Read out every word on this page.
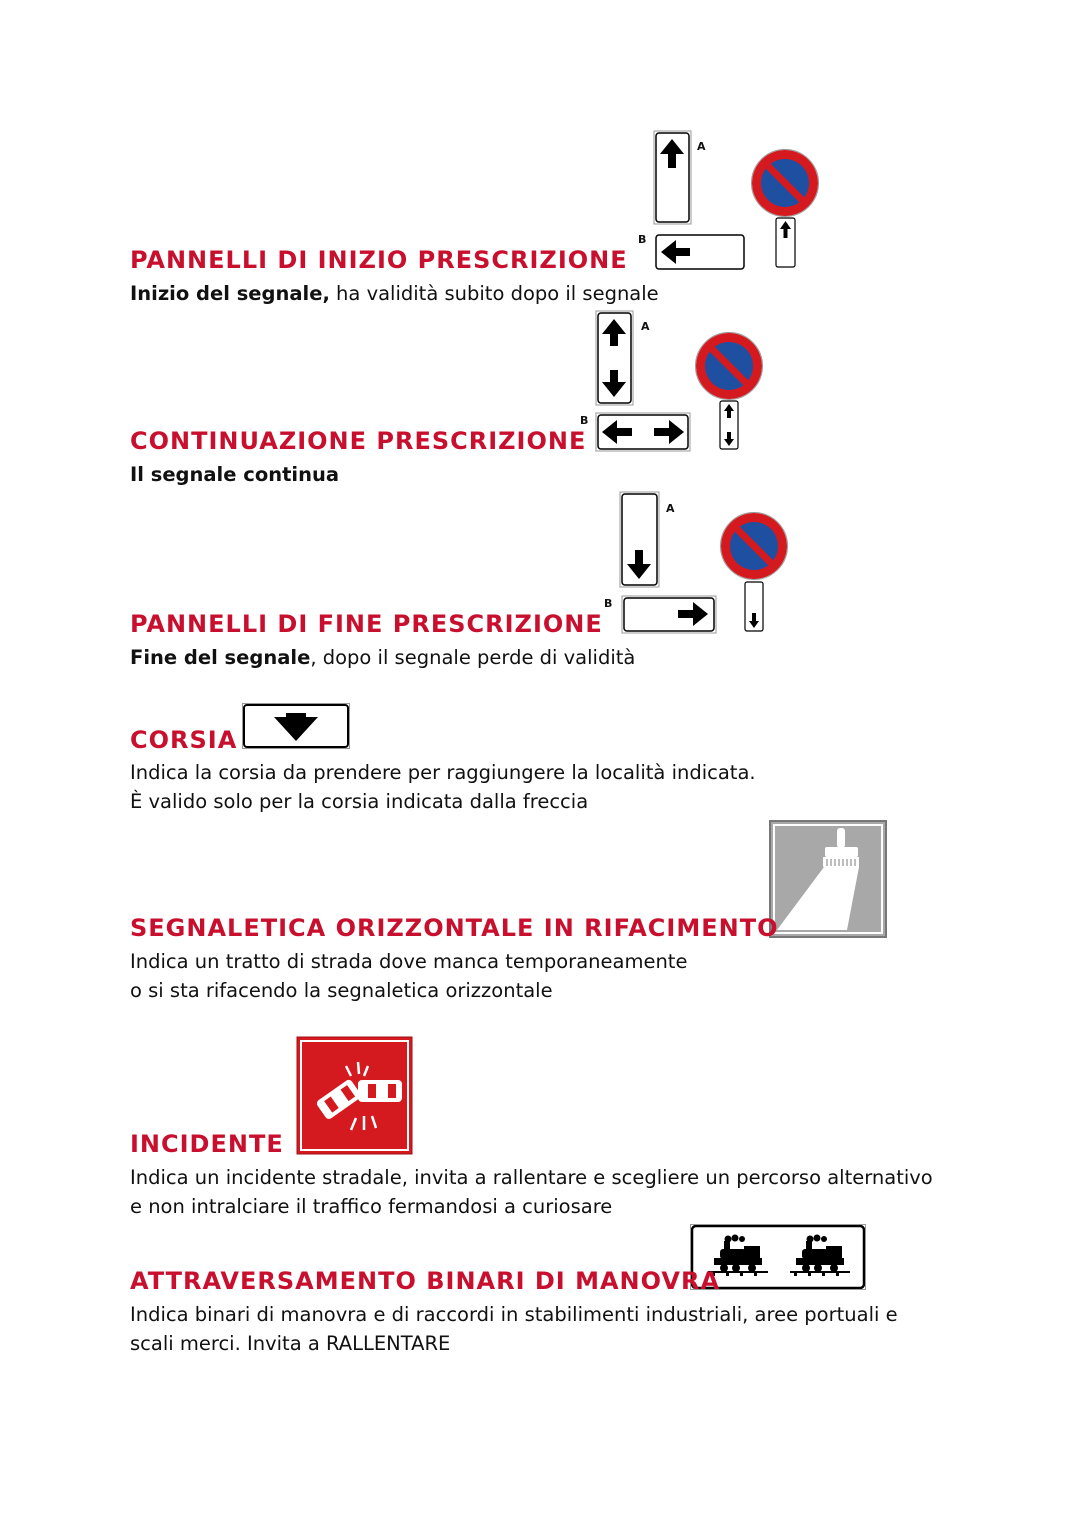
A
B
PANNELLI DI INIZIO PRESCRIZIONE

Inizio del segnale, ha validità subito dopo il segnale

A
B
CONTINUAZIONE PRESCRIZIONE

Il segnale continua

A
B
PANNELLI DI FINE PRESCRIZIONE

Fine del segnale, dopo il segnale perde di validità

CORSIA

Indica la corsia da prendere per raggiungere la località indicata.

È valido solo per la corsia indicata dalla freccia

SEGNALETICA ORIZZONTALE IN RIFACIMENTO

Indica un tratto di strada dove manca temporaneamente

o si sta rifacendo la segnaletica orizzontale

INCIDENTE

Indica un incidente stradale, invita a rallentare e scegliere un percorso alternativo

e non intralciare il traffico fermandosi a curiosare

ATTRAVERSAMENTO BINARI DI MANOVRA

Indica binari di manovra e di raccordi in stabilimenti industriali, aree portuali e

scali merci. Invita a RALLENTARE
